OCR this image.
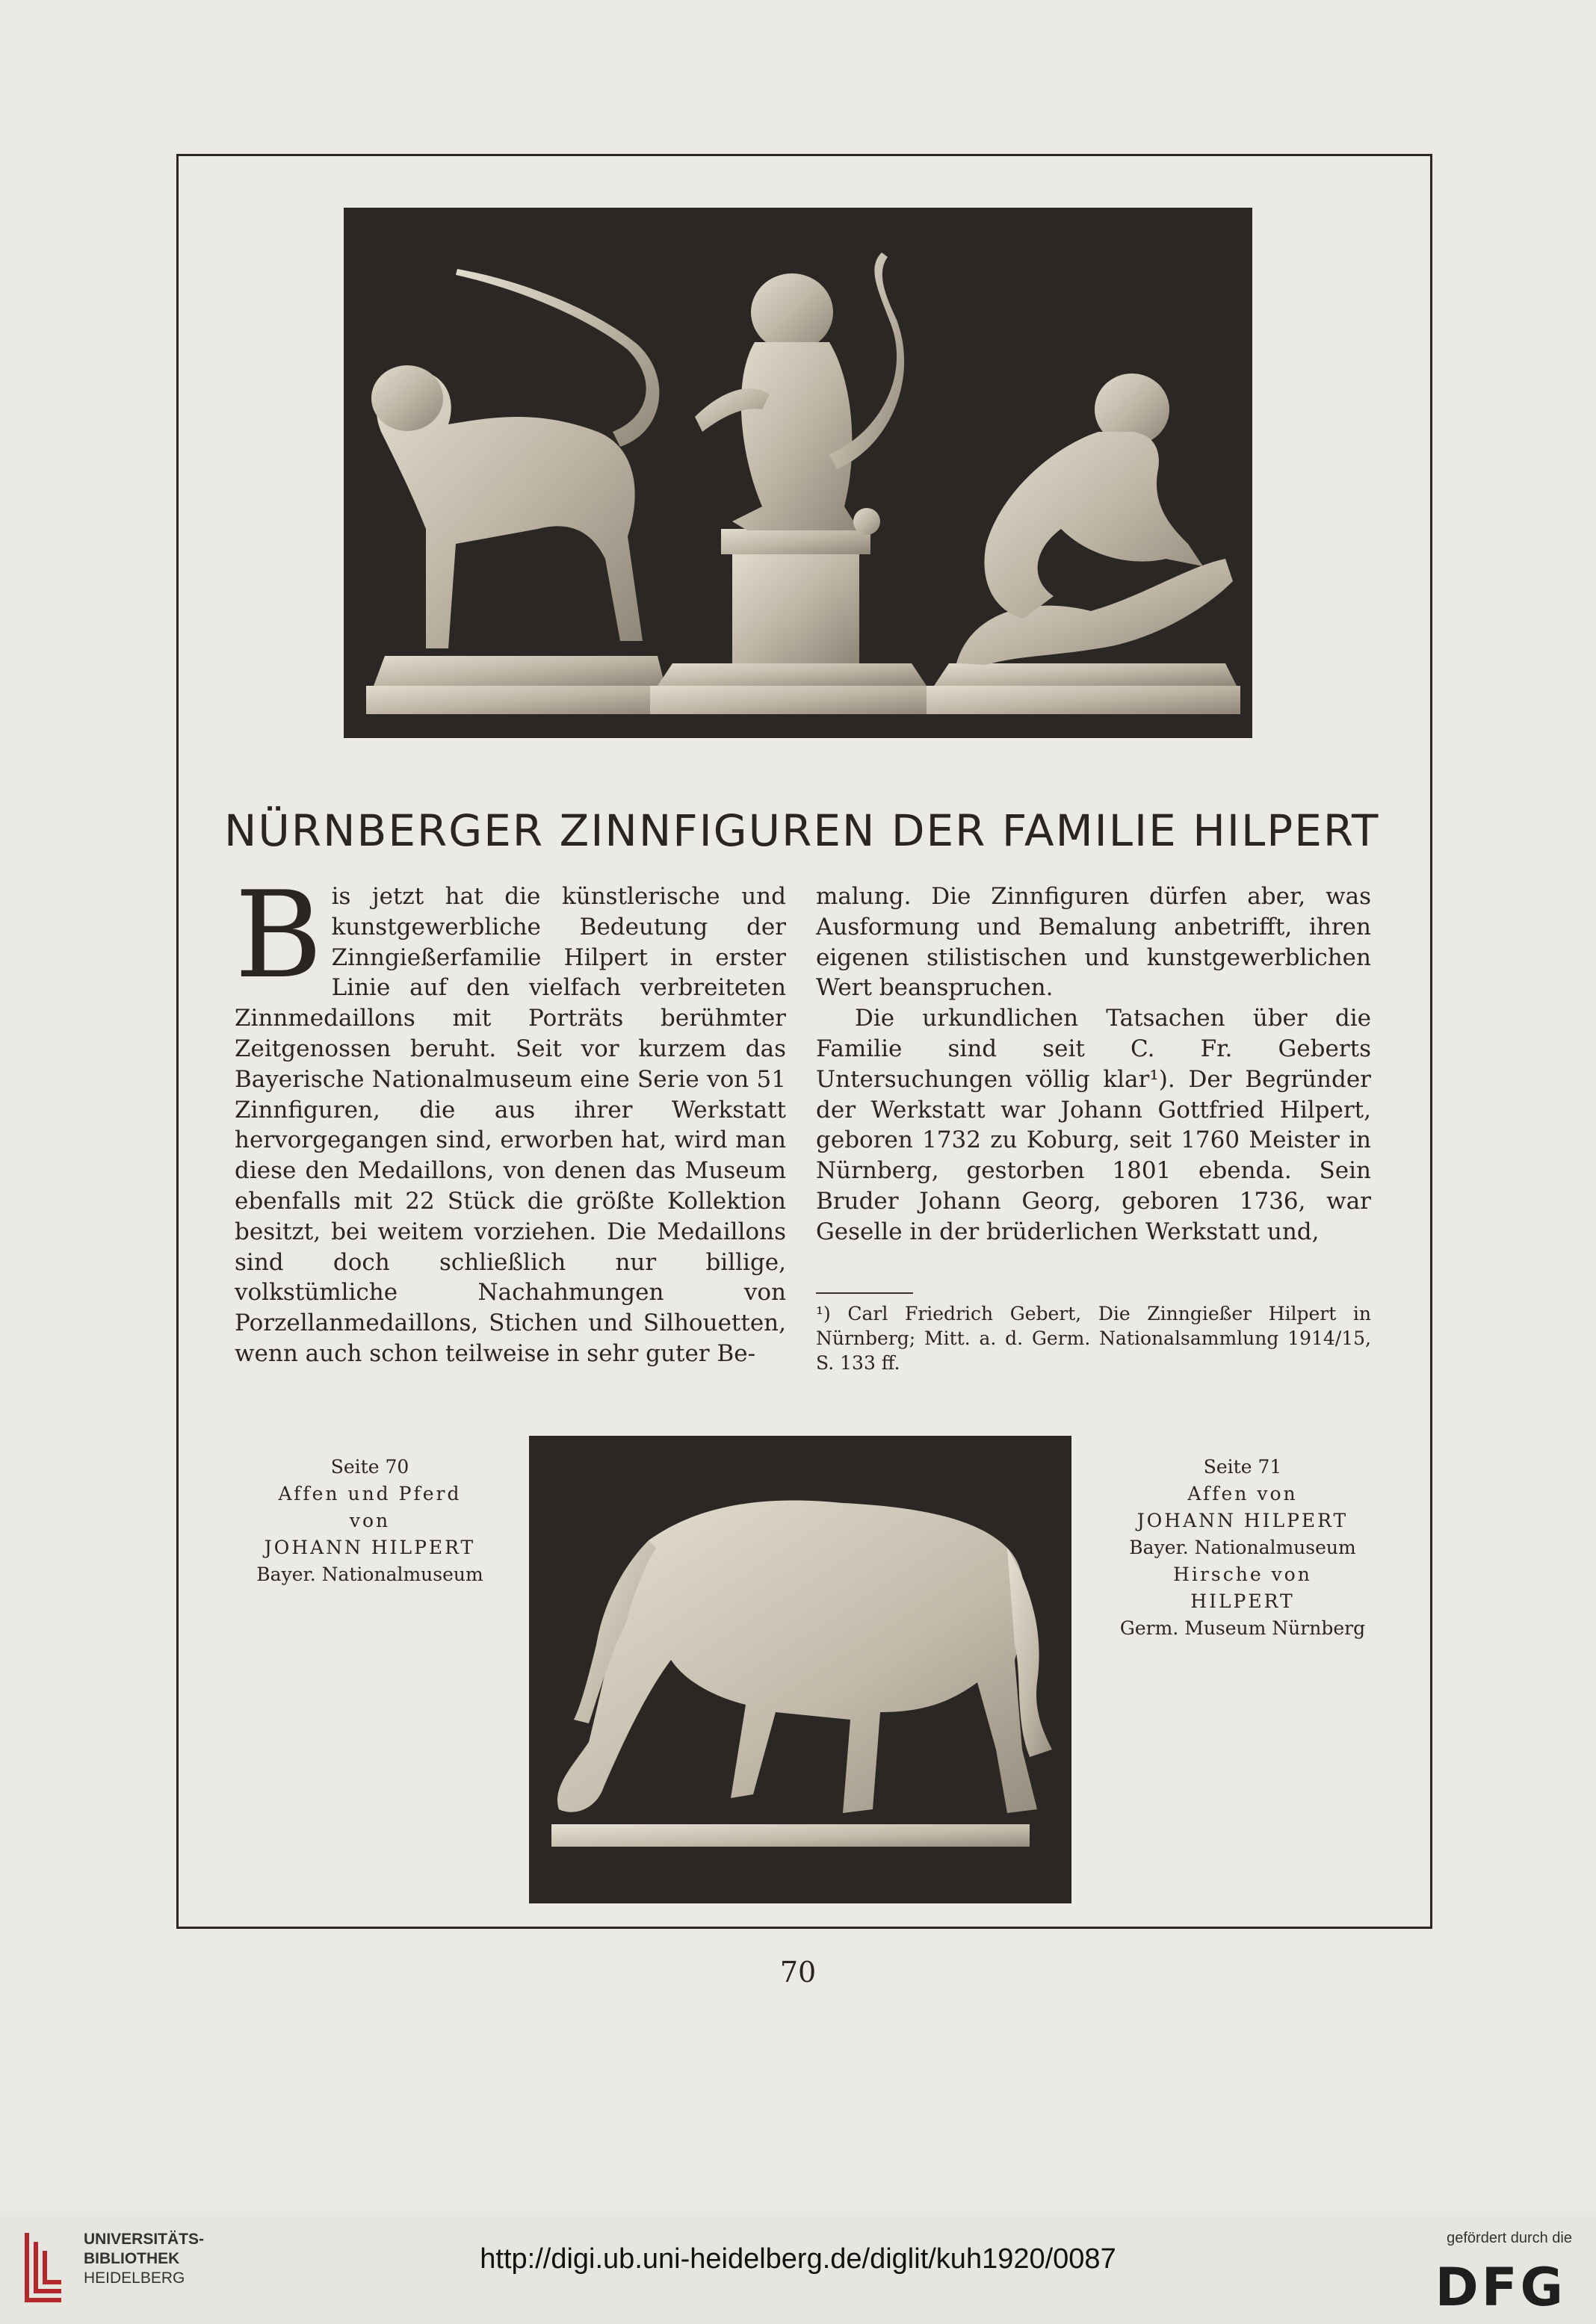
NÜRNBERGER ZINNFIGUREN DER FAMILIE HILPERT

Bis jetzt hat die künstlerische und kunstgewerbliche Bedeutung der Zinngießerfamilie Hilpert in erster Linie auf den vielfach verbreiteten Zinnmedaillons mit Porträts berühmter Zeitgenossen beruht. Seit vor kurzem das Bayerische Nationalmuseum eine Serie von 51 Zinnfiguren, die aus ihrer Werkstatt hervorgegangen sind, erworben hat, wird man diese den Medaillons, von denen das Museum ebenfalls mit 22 Stück die größte Kollektion besitzt, bei weitem vorziehen. Die Medaillons sind doch schließlich nur billige, volkstümliche Nachahmungen von Porzellanmedaillons, Stichen und Silhouetten, wenn auch schon teilweise in sehr guter Be-

malung. Die Zinnfiguren dürfen aber, was Ausformung und Bemalung anbetrifft, ihren eigenen stilistischen und kunstgewerblichen Wert beanspruchen.

Die urkundlichen Tatsachen über die Familie sind seit C. Fr. Geberts Untersuchungen völlig klar¹). Der Begründer der Werkstatt war Johann Gottfried Hilpert, geboren 1732 zu Koburg, seit 1760 Meister in Nürnberg, gestorben 1801 ebenda. Sein Bruder Johann Georg, geboren 1736, war Geselle in der brüderlichen Werkstatt und,

¹) Carl Friedrich Gebert, Die Zinngießer Hilpert in Nürnberg; Mitt. a. d. Germ. Nationalsammlung 1914/15, S. 133 ff.
Seite 70
Affen und Pferd
von
JOHANN HILPERT
Bayer. Nationalmuseum
Seite 71
Affen von
JOHANN HILPERT
Bayer. Nationalmuseum
Hirsche von
HILPERT
Germ. Museum Nürnberg
70
UNIVERSITÄTS-
BIBLIOTHEK
HEIDELBERG
http://digi.ub.uni-heidelberg.de/diglit/kuh1920/0087
gefördert durch die
DFG
